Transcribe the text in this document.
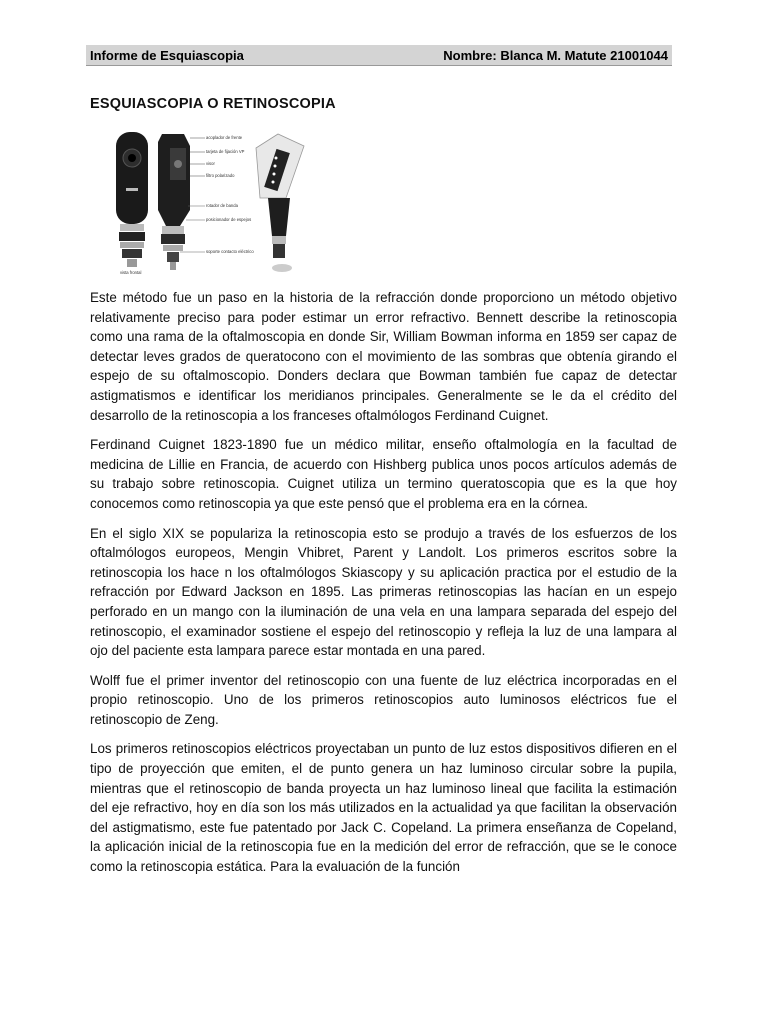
Informe de Esquiascopia	Nombre: Blanca M. Matute 21001044
ESQUIASCOPIA O RETINOSCOPIA
acoplador de frente
tarjeta de fijación VP
visor
filtro polarizado
rotador de banda
posicionador de espejos
soporte contacto eléctrico
vista frontal

Este método fue un paso en la historia de la refracción donde proporciono un método objetivo relativamente preciso para poder estimar un error refractivo. Bennett describe la retinoscopia como una rama de la oftalmoscopia en donde Sir, William Bowman informa en 1859 ser capaz de detectar leves grados de queratocono con el movimiento de las sombras que obtenía girando el espejo de su oftalmoscopio. Donders declara que Bowman también fue capaz de detectar astigmatismos e identificar los meridianos principales. Generalmente se le da el crédito del desarrollo de la retinoscopia a los franceses oftalmólogos Ferdinand Cuignet.

Ferdinand Cuignet 1823-1890 fue un médico militar, enseño oftalmología en la facultad de medicina de Lillie en Francia, de acuerdo con Hishberg publica unos pocos artículos además de su trabajo sobre retinoscopia. Cuignet utiliza un termino queratoscopia que es la que hoy conocemos como retinoscopia ya que este pensó que el problema era en la córnea.

En el siglo XIX se populariza la retinoscopia esto se produjo a través de los esfuerzos de los oftalmólogos europeos, Mengin Vhibret, Parent y Landolt. Los primeros escritos sobre la retinoscopia los hace n los oftalmólogos Skiascopy y su aplicación practica por el estudio de la refracción por Edward Jackson en 1895. Las primeras retinoscopias las hacían en un espejo perforado en un mango con la iluminación de una vela en una lampara separada del espejo del retinoscopio, el examinador sostiene el espejo del retinoscopio y refleja la luz de una lampara al ojo del paciente esta lampara parece estar montada en una pared.

Wolff fue el primer inventor del retinoscopio con una fuente de luz eléctrica incorporadas en el propio retinoscopio. Uno de los primeros retinoscopios auto luminosos eléctricos fue el retinoscopio de Zeng.

Los primeros retinoscopios eléctricos proyectaban un punto de luz estos dispositivos difieren en el tipo de proyección que emiten, el de punto genera un haz luminoso circular sobre la pupila, mientras que el retinoscopio de banda proyecta un haz luminoso lineal que facilita la estimación del eje refractivo, hoy en día son los más utilizados en la actualidad ya que facilitan la observación del astigmatismo, este fue patentado por Jack C. Copeland. La primera enseñanza de Copeland, la aplicación inicial de la retinoscopia fue en la medición del error de refracción, que se le conoce como la retinoscopia estática. Para la evaluación de la función
